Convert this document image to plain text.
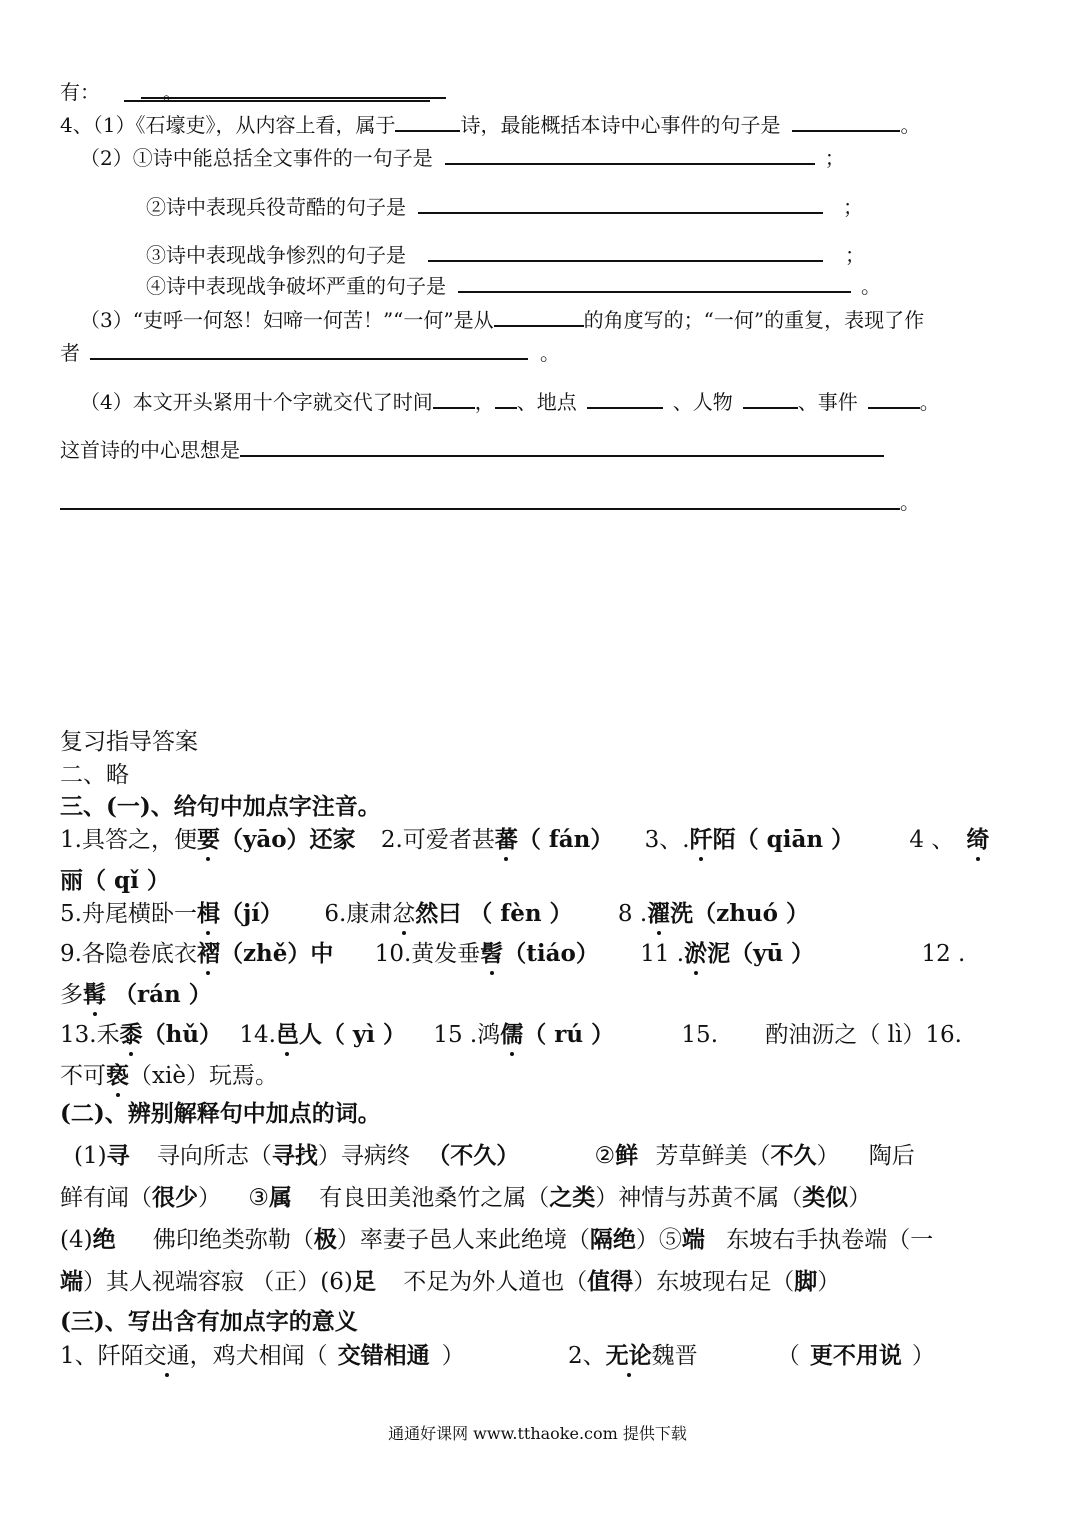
有：	。
4、（1）《石壕吏》，从内容上看，属于	诗，最能概括本诗中心事件的句子是	。
（2）①诗中能总括全文事件的一句子是	；
②诗中表现兵役苛酷的句子是	；
③诗中表现战争惨烈的句子是	；
④诗中表现战争破坏严重的句子是	。
（3）“吏呼一何怒！妇啼一何苦！”“一何”是从	的角度写的；“一何”的重复，表现了作
者	。
（4）本文开头紧用十个字就交代了时间 ， 、地点	、人物	、事件	。
这首诗的中心思想是
。
复习指导答案
二、略
三、(一)、给句中加点字注音。
1.具答之，便要（yāo）还家 2.可爱者甚蕃（ fán） 3、.阡陌（ qiān ） 4 、 绮
丽（ qǐ ）
5.舟尾横卧一楫（jí） 6.康肃忿然曰 （ fèn ） 8 .濯洗（zhuó ）
9.各隐卷底衣褶（zhě）中 10.黄发垂髫（tiáo） 11 .淤泥（yū ）	12 .
多髯 （rán ）
13.禾黍（hǔ） 14.邑人（ yì ） 15 .鸿儒（ rú ）	15. 酌油沥之（ lì）16.
不可亵（xiè）玩焉。
(二)、辨别解释句中加点的词。
(1)寻 寻向所志（寻找）寻病终 （不久）	②鲜 芳草鲜美（不久） 陶后
鲜有闻（很少） ③属 有良田美池桑竹之属（之类）神情与苏黄不属（类似）
(4)绝 佛印绝类弥勒（极）率妻子邑人来此绝境（隔绝）⑤端 东坡右手执卷端（一
端）其人视端容寂 （正）(6)足 不足为外人道也（值得）东坡现右足（脚）
(三)、写出含有加点字的意义
1、阡陌交通，鸡犬相闻（ 交错相通 ）	2、无论魏晋	（ 更不用说 ）
通通好课网 www.tthaoke.com 提供下载
